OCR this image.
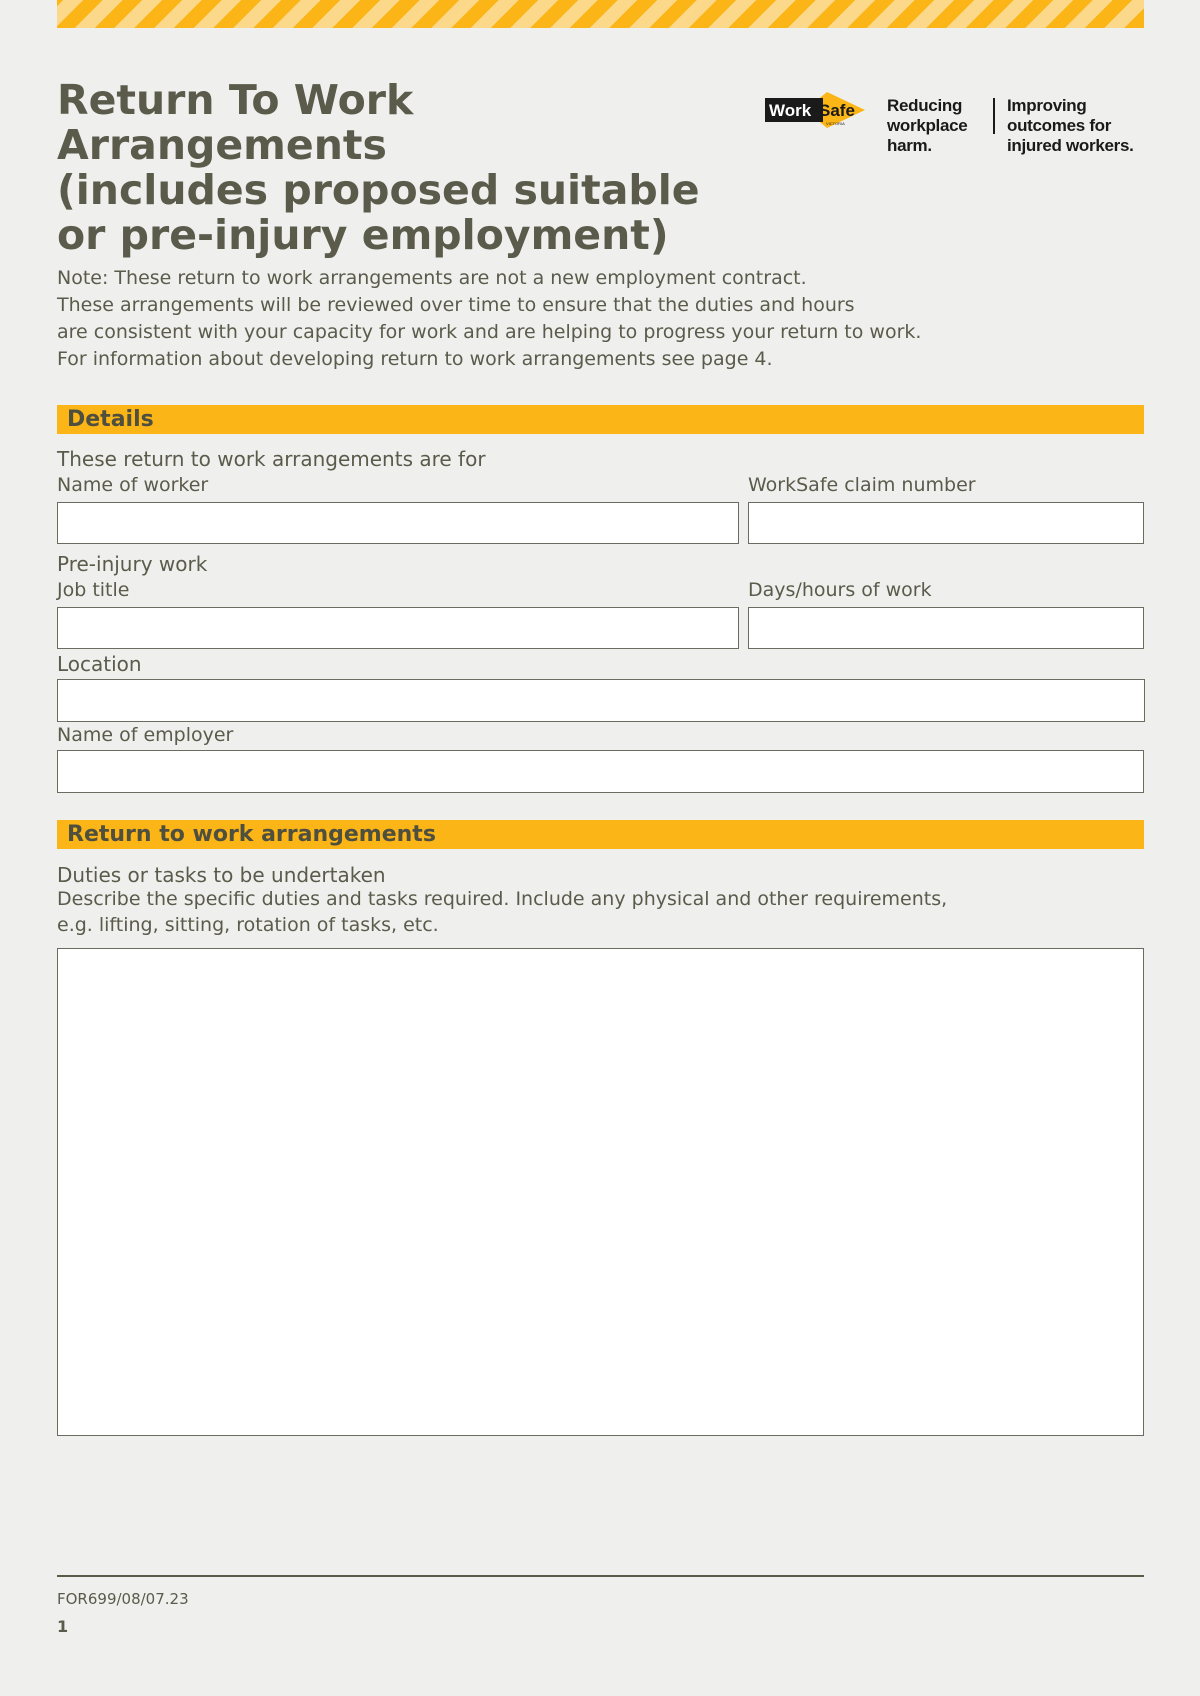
Return To Work Arrangements
(includes proposed suitable
or pre-injury employment)
Work Safe
VICTORIA
Reducing
workplace
harm.
Improving
outcomes for
injured workers.

Note: These return to work arrangements are not a new employment contract.

These arrangements will be reviewed over time to ensure that the duties and hours

are consistent with your capacity for work and are helping to progress your return to work.

For information about developing return to work arrangements see page 4.

Details
These return to work arrangements are for
Name of worker	WorkSafe claim number
Pre-injury work
Job title	Days/hours of work
Location
Name of employer
Return to work arrangements
Duties or tasks to be undertaken
Describe the specific duties and tasks required. Include any physical and other requirements,
e.g. lifting, sitting, rotation of tasks, etc.
FOR699/08/07.23
1
